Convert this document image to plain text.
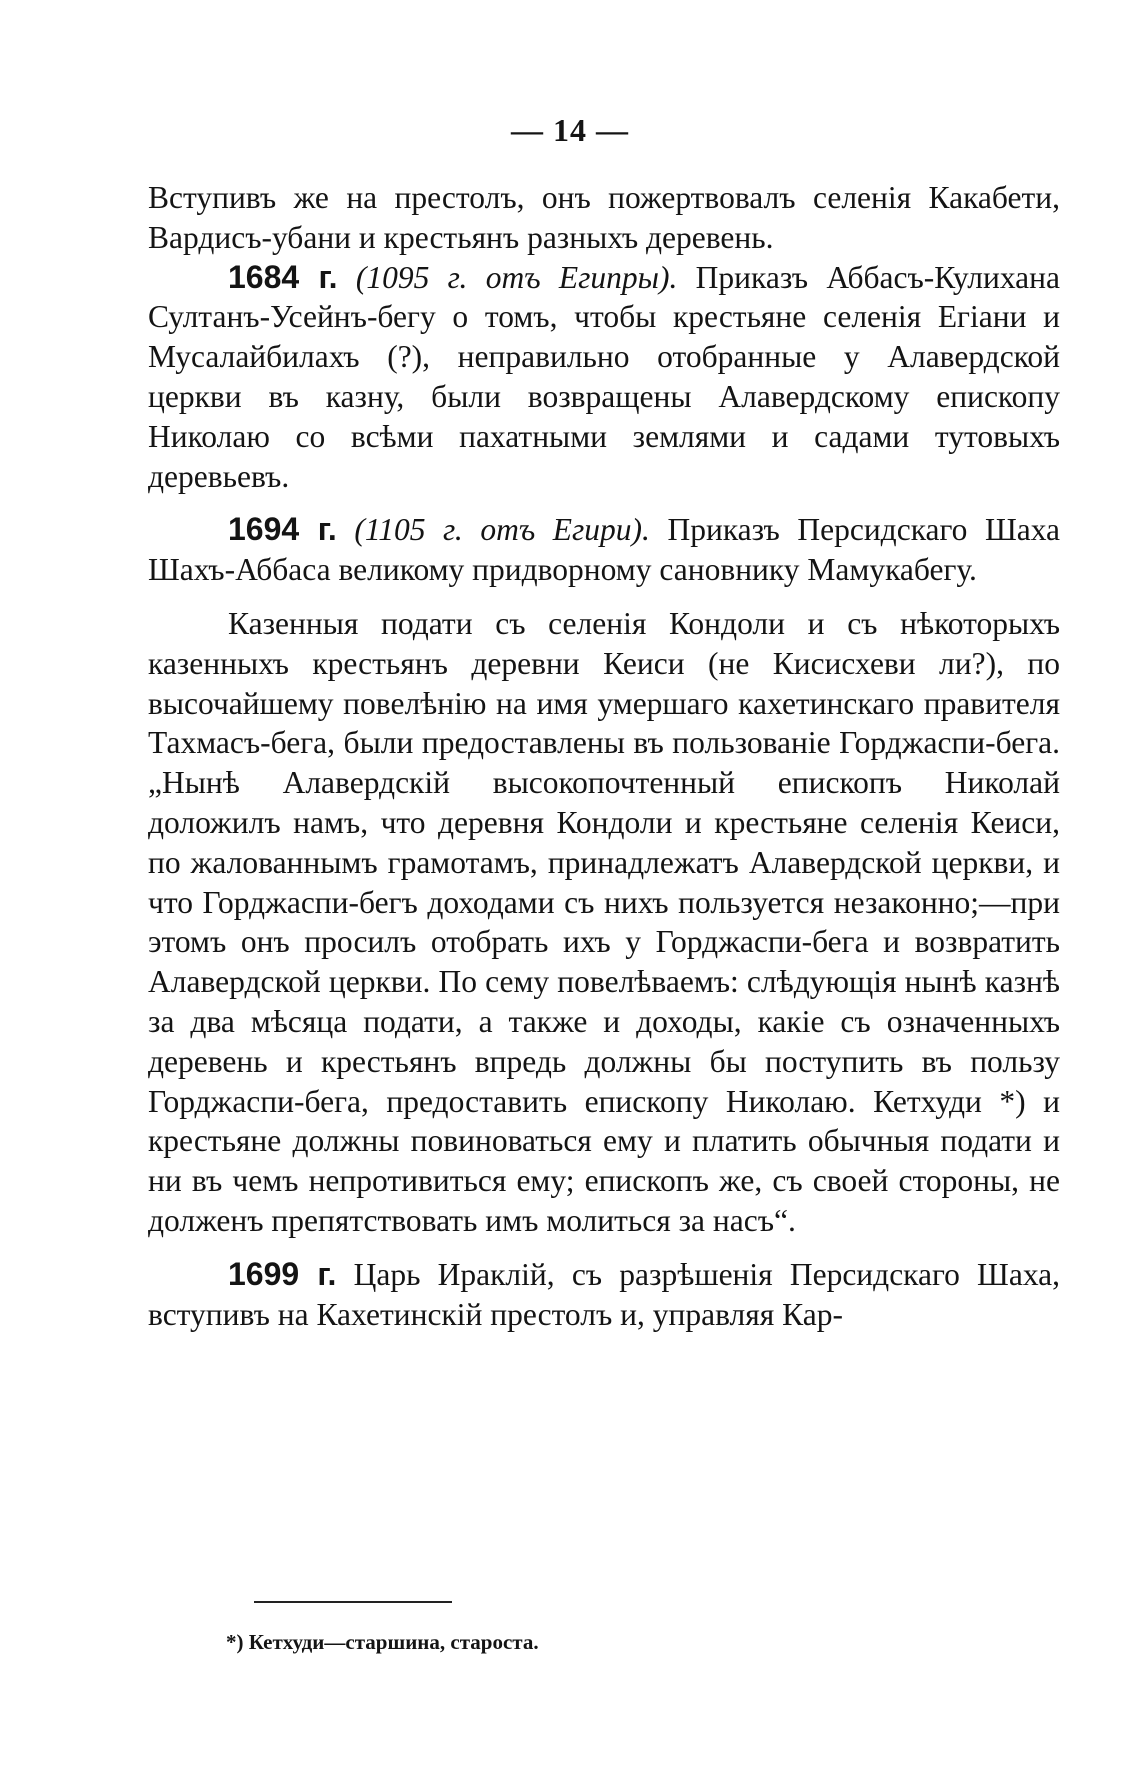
— 14 —

Вступивъ же на престолъ, онъ пожертвовалъ селенія Какабети, Вардисъ-убани и крестьянъ разныхъ деревень.

1684 г. (1095 г. отъ Египры). Приказъ Аббасъ-Кулихана Султанъ-Усейнъ-бегу о томъ, чтобы крестьяне селенія Егіани и Мусалайбилахъ (?), неправильно отобранные у Алавердской церкви въ казну, были возвращены Алавердскому епископу Николаю со всѣми пахатными землями и садами тутовыхъ деревьевъ.

1694 г. (1105 г. отъ Егири). Приказъ Персидскаго Шаха Шахъ-Аббаса великому придворному сановнику Мамукабегу.

Казенныя подати съ селенія Кондоли и съ нѣкоторыхъ казенныхъ крестьянъ деревни Кеиси (не Кисисхеви ли?), по высочайшему повелѣнію на имя умершаго кахетинскаго правителя Тахмасъ-бега, были предоставлены въ пользованіе Горджаспи-бега. „Нынѣ Алавердскій высокопочтенный епископъ Николай доложилъ намъ, что деревня Кондоли и крестьяне селенія Кеиси, по жалованнымъ грамотамъ, принадлежатъ Алавердской церкви, и что Горджаспи-бегъ доходами съ нихъ пользуется незаконно;—при этомъ онъ просилъ отобрать ихъ у Горджаспи-бега и возвратить Алавердской церкви. По сему повелѣваемъ: слѣдующія нынѣ казнѣ за два мѣсяца подати, а также и доходы, какіе съ означенныхъ деревень и крестьянъ впредь должны бы поступить въ пользу Горджаспи-бега, предоставить епископу Николаю. Кетхуди *) и крестьяне должны повиноваться ему и платить обычныя подати и ни въ чемъ непротивиться ему; епископъ же, съ своей стороны, не долженъ препятствовать имъ молиться за насъ“.

1699 г. Царь Ираклій, съ разрѣшенія Персидскаго Шаха, вступивъ на Кахетинскій престолъ и, управляя Кар-

*) Кетхуди—старшина, староста.
